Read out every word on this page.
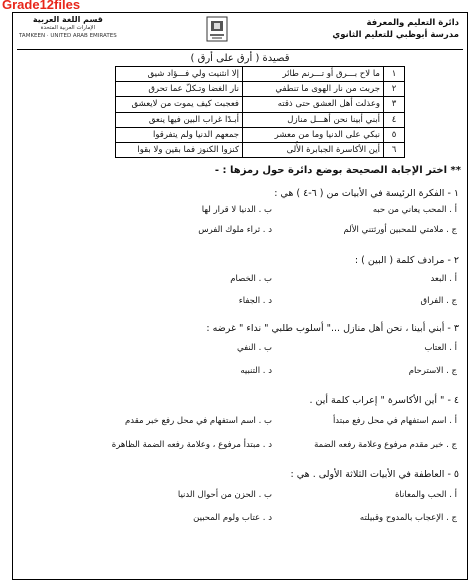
Grade12files
دائرة التعليم والمعرفة
مدرسة أبوظبي للتعليم الثانوي
قسم اللغة العربية
الإمارات العربية المتحدة
TAMKEEN · UNITED ARAB EMIRATES
قصيدة ( أرق على أرق )
١	ما لاح بـــرق أو تـــرنم طائر	إلا انثنيت ولي فـــؤاد شيق
٢	جربت من نار الهوى ما تنطفي	نار الغضا وتـكلّ عما تحرق
٣	وعذلت أهل العشق حتى ذقته	فعجبت كيف يموت من لايعشق
٤	أبني أبينا نحن أهـــل منازل	أبـدًا غراب البين فيها ينعق
٥	نبكي على الدنيا وما من معشر	جمعهم الدنيا ولم يتفرقوا
٦	أين الأكاسرة الجبابرة الأُلى	كنزوا الكنوز فما بقين ولا بقوا
** اختر الإجابة الصحيحة بوضع دائرة حول رمزها : -
١ - الفكرة الرئيسة في الأبيات من ( ٦-٤ ) هي :
أ . المحب يعاني من حبه
ب . الدنيا لا قرار لها
ج . ملامتي للمحبين أورثتني الألم
د . ثراء ملوك الفرس
٢ - مرادف كلمة ( البين ) :
أ . البعد
ب . الخصام
ج . الفراق
د . الجفاء
٣ - أبني أبينا ، نحن أهل منازل ..." أسلوب طلبي " نداء " غرضه :
أ . العتاب
ب . النفي
ج . الاسترحام
د . التنبيه
٤ - " أين الأكاسرة " إعراب كلمة أين .
أ . اسم استفهام في محل رفع مبتدأ
ب . اسم استفهام في محل رفع خبر مقدم
ج . خبر مقدم مرفوع وعلامة رفعه الضمة
د . مبتدأ مرفوع ، وعلامة رفعه الضمة الظاهرة
٥ - العاطفة في الأبيات الثلاثة الأولى . هي :
أ . الحب والمعاناة
ب . الحزن من أحوال الدنيا
ج . الإعجاب بالمدوح وقبيلته
د . عتاب ولوم المحبين
